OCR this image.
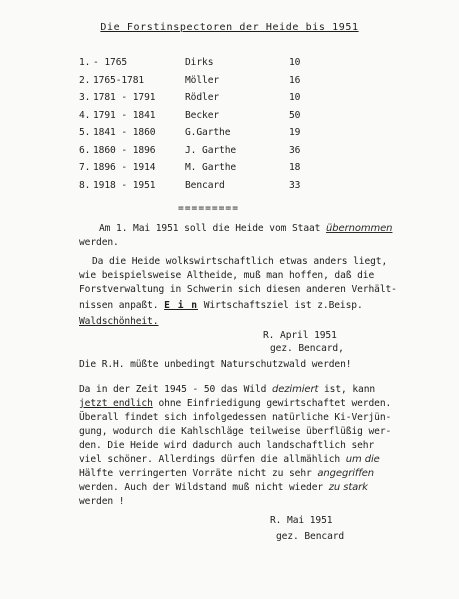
Die Forstinspectoren der Heide bis 1951
1. - 1765	Dirks	10
2. 1765-1781	Möller	16
3. 1781 - 1791	Rödler	10
4. 1791 - 1841	Becker	50
5. 1841 - 1860	G.Garthe	19
6. 1860 - 1896	J. Garthe	36
7. 1896 - 1914	M. Garthe	18
8. 1918 - 1951	Bencard	33
=========
Am 1. Mai 1951 soll die Heide vom Staat übernommen
werden.
Da die Heide wolkswirtschaftlich etwas anders liegt,
wie beispielsweise Altheide, muß man hoffen, daß die
Forstverwaltung in Schwerin sich diesen anderen Verhält-
nissen anpaßt. E i n Wirtschaftsziel ist z.Beisp.
Waldschönheit.
R. April 1951
gez. Bencard,
Die R.H. müßte unbedingt Naturschutzwald werden!
Da in der Zeit 1945 - 50 das Wild dezimiert ist, kann
jetzt endlich ohne Einfriedigung gewirtschaftet werden.
Überall findet sich infolgedessen natürliche Ki-Verjün-
gung, wodurch die Kahlschläge teilweise überflüßig wer-
den. Die Heide wird dadurch auch landschaftlich sehr
viel schöner. Allerdings dürfen die allmählich um die
Hälfte verringerten Vorräte nicht zu sehr angegriffen
werden. Auch der Wildstand muß nicht wieder zu stark
werden !
R. Mai 1951
gez. Bencard
